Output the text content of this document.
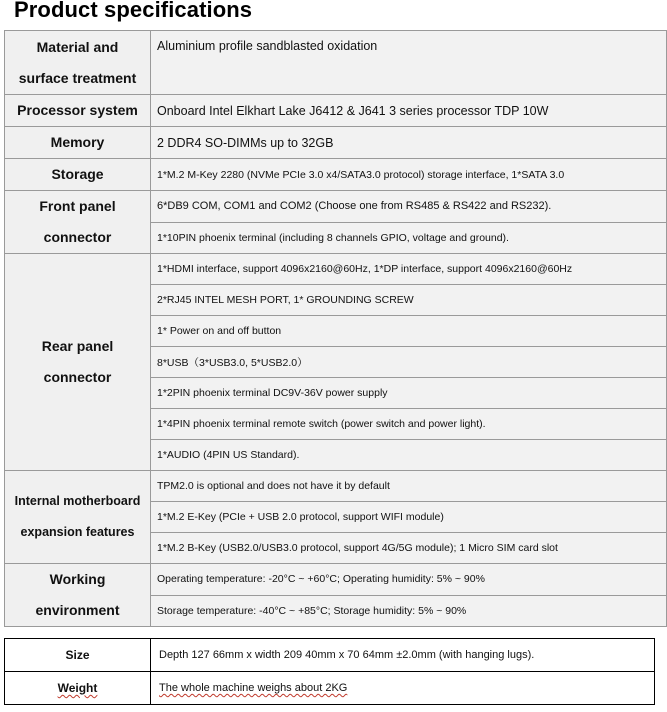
Product specifications
Material and
surface treatment	Aluminium profile sandblasted oxidation
Processor system	Onboard Intel Elkhart Lake J6412 & J641 3 series processor TDP 10W
Memory	2 DDR4 SO-DIMMs up to 32GB
Storage	1*M.2 M-Key 2280 (NVMe PCIe 3.0 x4/SATA3.0 protocol) storage interface, 1*SATA 3.0

Front panel
connector	6*DB9 COM, COM1 and COM2 (Choose one from RS485 & RS422 and RS232).
	1*10PIN phoenix terminal (including 8 channels GPIO, voltage and ground).

Rear panel
connector	1*HDMI interface, support 4096x2160@60Hz, 1*DP interface, support 4096x2160@60Hz
	2*RJ45 INTEL MESH PORT, 1* GROUNDING SCREW
	1* Power on and off button
	8*USB（3*USB3.0, 5*USB2.0）
	1*2PIN phoenix terminal DC9V-36V power supply
	1*4PIN phoenix terminal remote switch (power switch and power light).
	1*AUDIO (4PIN US Standard).

Internal motherboard
expansion features	TPM2.0 is optional and does not have it by default
	1*M.2 E-Key (PCIe + USB 2.0 protocol, support WIFI module)
	1*M.2 B-Key (USB2.0/USB3.0 protocol, support 4G/5G module); 1 Micro SIM card slot

Working
environment	Operating temperature: -20°C ~ +60°C; Operating humidity: 5% ~ 90%
	Storage temperature: -40°C ~ +85°C; Storage humidity: 5% ~ 90%
Size	Depth 127 66mm x width 209 40mm x 70 64mm ±2.0mm (with hanging lugs).
Weight	The whole machine weighs about 2KG
